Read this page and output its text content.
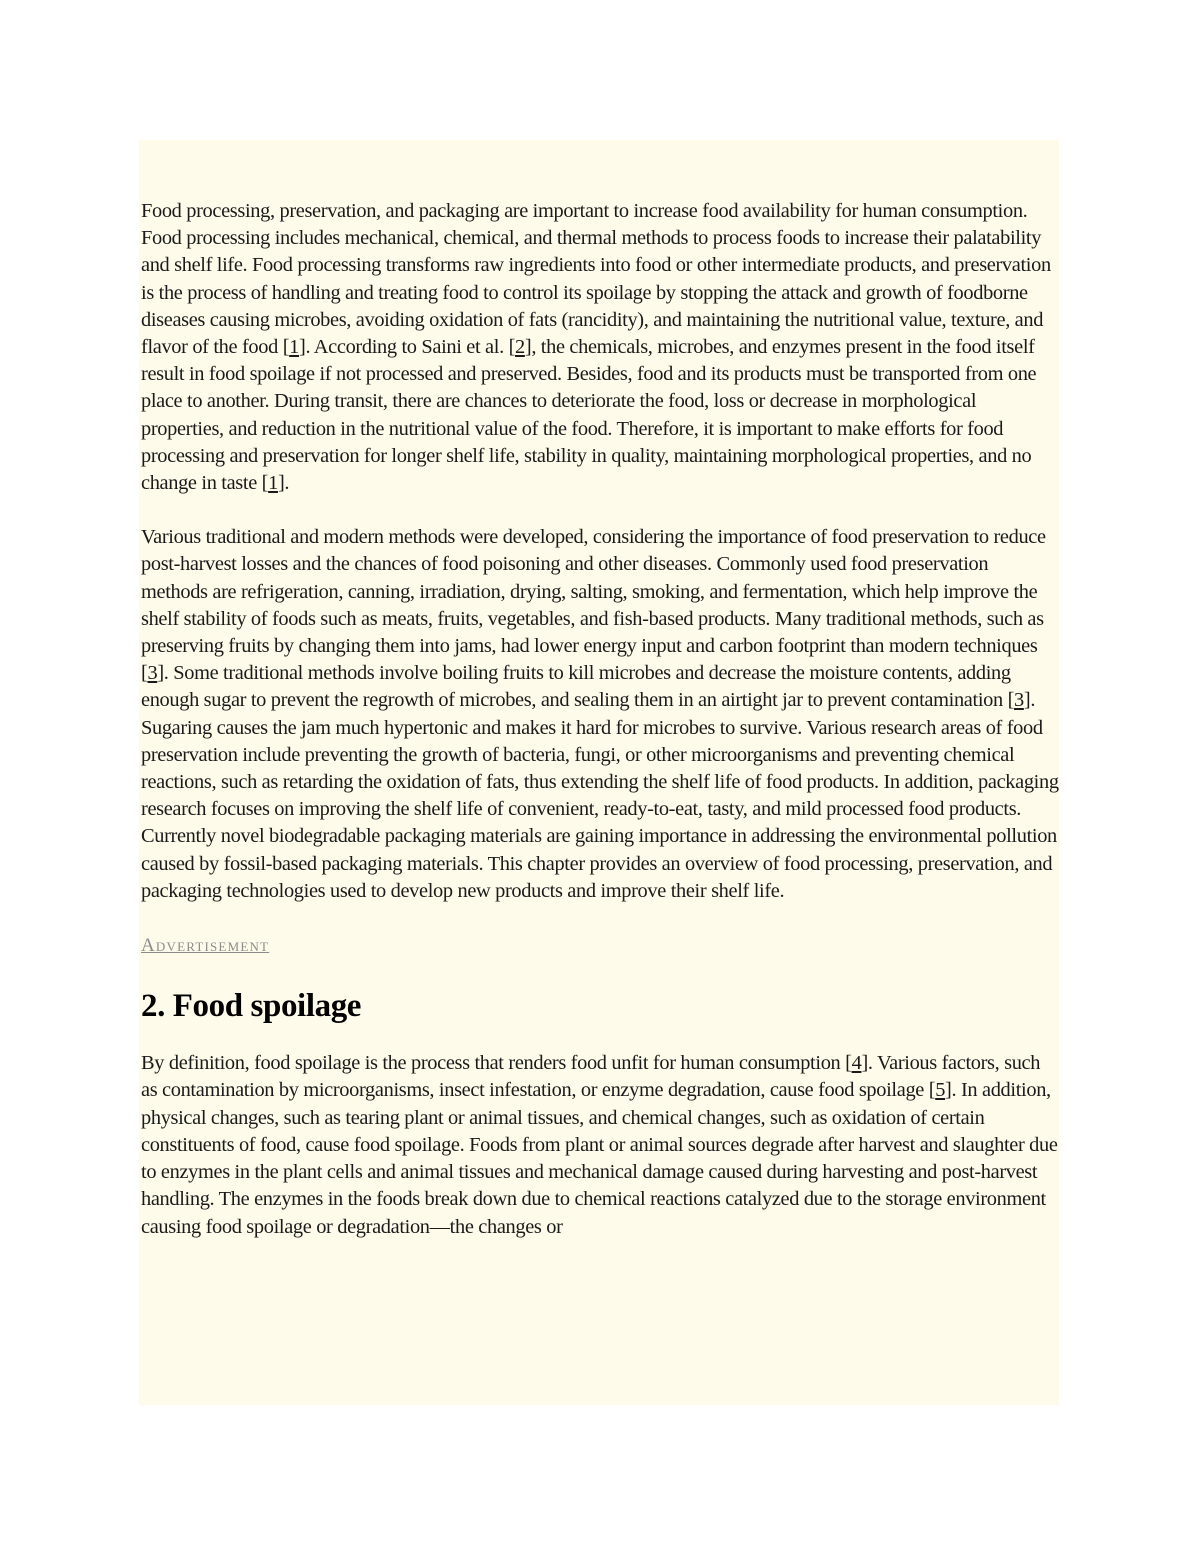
Food processing, preservation, and packaging are important to increase food availability for human consumption. Food processing includes mechanical, chemical, and thermal methods to process foods to increase their palatability and shelf life. Food processing transforms raw ingredients into food or other intermediate products, and preservation is the process of handling and treating food to control its spoilage by stopping the attack and growth of foodborne diseases causing microbes, avoiding oxidation of fats (rancidity), and maintaining the nutritional value, texture, and flavor of the food [1]. According to Saini et al. [2], the chemicals, microbes, and enzymes present in the food itself result in food spoilage if not processed and preserved. Besides, food and its products must be transported from one place to another. During transit, there are chances to deteriorate the food, loss or decrease in morphological properties, and reduction in the nutritional value of the food. Therefore, it is important to make efforts for food processing and preservation for longer shelf life, stability in quality, maintaining morphological properties, and no change in taste [1].

Various traditional and modern methods were developed, considering the importance of food preservation to reduce post-harvest losses and the chances of food poisoning and other diseases. Commonly used food preservation methods are refrigeration, canning, irradiation, drying, salting, smoking, and fermentation, which help improve the shelf stability of foods such as meats, fruits, vegetables, and fish-based products. Many traditional methods, such as preserving fruits by changing them into jams, had lower energy input and carbon footprint than modern techniques [3]. Some traditional methods involve boiling fruits to kill microbes and decrease the moisture contents, adding enough sugar to prevent the regrowth of microbes, and sealing them in an airtight jar to prevent contamination [3]. Sugaring causes the jam much hypertonic and makes it hard for microbes to survive. Various research areas of food preservation include preventing the growth of bacteria, fungi, or other microorganisms and preventing chemical reactions, such as retarding the oxidation of fats, thus extending the shelf life of food products. In addition, packaging research focuses on improving the shelf life of convenient, ready-to-eat, tasty, and mild processed food products. Currently novel biodegradable packaging materials are gaining importance in addressing the environmental pollution caused by fossil-based packaging materials. This chapter provides an overview of food processing, preservation, and packaging technologies used to develop new products and improve their shelf life.

Advertisement

2. Food spoilage

By definition, food spoilage is the process that renders food unfit for human consumption [4]. Various factors, such as contamination by microorganisms, insect infestation, or enzyme degradation, cause food spoilage [5]. In addition, physical changes, such as tearing plant or animal tissues, and chemical changes, such as oxidation of certain constituents of food, cause food spoilage. Foods from plant or animal sources degrade after harvest and slaughter due to enzymes in the plant cells and animal tissues and mechanical damage caused during harvesting and post-harvest handling. The enzymes in the foods break down due to chemical reactions catalyzed due to the storage environment causing food spoilage or degradation—the changes or
